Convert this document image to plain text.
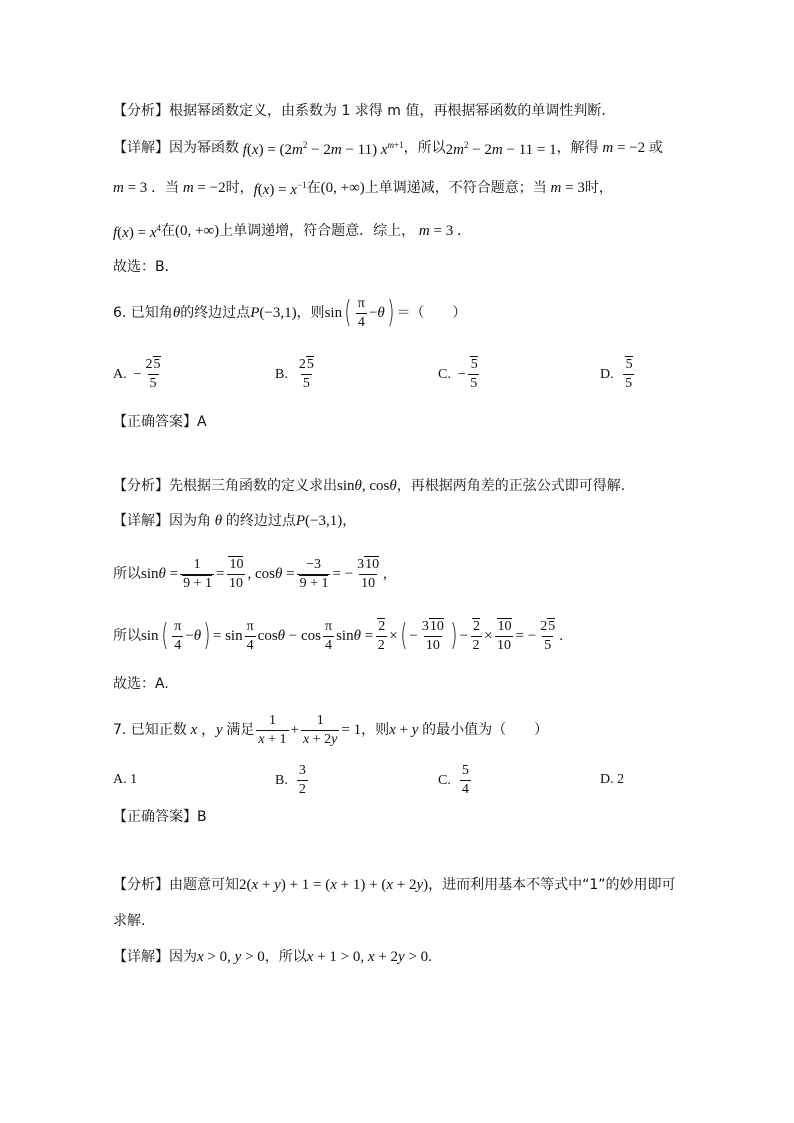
【分析】根据幂函数定义，由系数为 1 求得 m 值，再根据幂函数的单调性判断．
【详解】因为幂函数 $f(x) = (2m^2 - 2m - 11)$ $x^{m+1}$ ，所以 $2m^2 - 2m - 11 = 1$ ，解得 m = −2 或
m = 3 ．当 m = −2 时， $f(x) = x^{-1}$ 在 (0, +∞) 上单调递减，不符合题意；当 m = 3 时，
$f(x) = x^4$ 在 (0, +∞) 上单调递增，符合题意．综上， m = 3 ．
故选：B．
6. 已知角 θ 的终边过点 P(−3,1) ，则 sin ( $\frac{\pi}{4} -\theta$ ) ＝（　　）
A. − $\frac{25}{5}$	B.
$\frac{25}{5}$	C. − $\frac{5}{5}$	D.
$\frac{5}{5}$
【正确答案】A
【分析】先根据三角函数的定义求出 sinθ, cosθ ，再根据两角差的正弦公式即可得解.
【详解】因为角 θ 的终边过点 P(−3,1) ，
所以 $\sin\theta = \frac{1}{9 + 1} = \frac{10}{10}$ , $\cos\theta = \frac{-3}{9 + 1}$ = − $\frac{310}{10}$ ,
所以 sin ( $\frac{\pi}{4} -\theta$ ) = $\sin \frac{\pi}{4}$ $\cos\theta - \cos \frac{\pi}{4}$ $\sin\theta = \frac{2}{2}$ × ( − $\frac{310}{10}$ ) − $\frac{2}{2} \times \frac{10}{10}$ = − $\frac{25}{5}$ .
故选：A.
7. 已知正数 x ，y 满足 $\frac{1}{x + 1} + \frac{1}{x + 2y} = 1$ ，则 x + y 的最小值为（　　）
A. 1	B.
$\frac{3}{2}$	C.
$\frac{5}{4}$	D. 2
【正确答案】B
【分析】由题意可知 2(x + y) + 1 = (x + 1) + (x + 2y) ，进而利用基本不等式中“1”的妙用即可
求解.
【详解】因为 x > 0, y > 0 ，所以 x + 1 > 0, x + 2y > 0.
